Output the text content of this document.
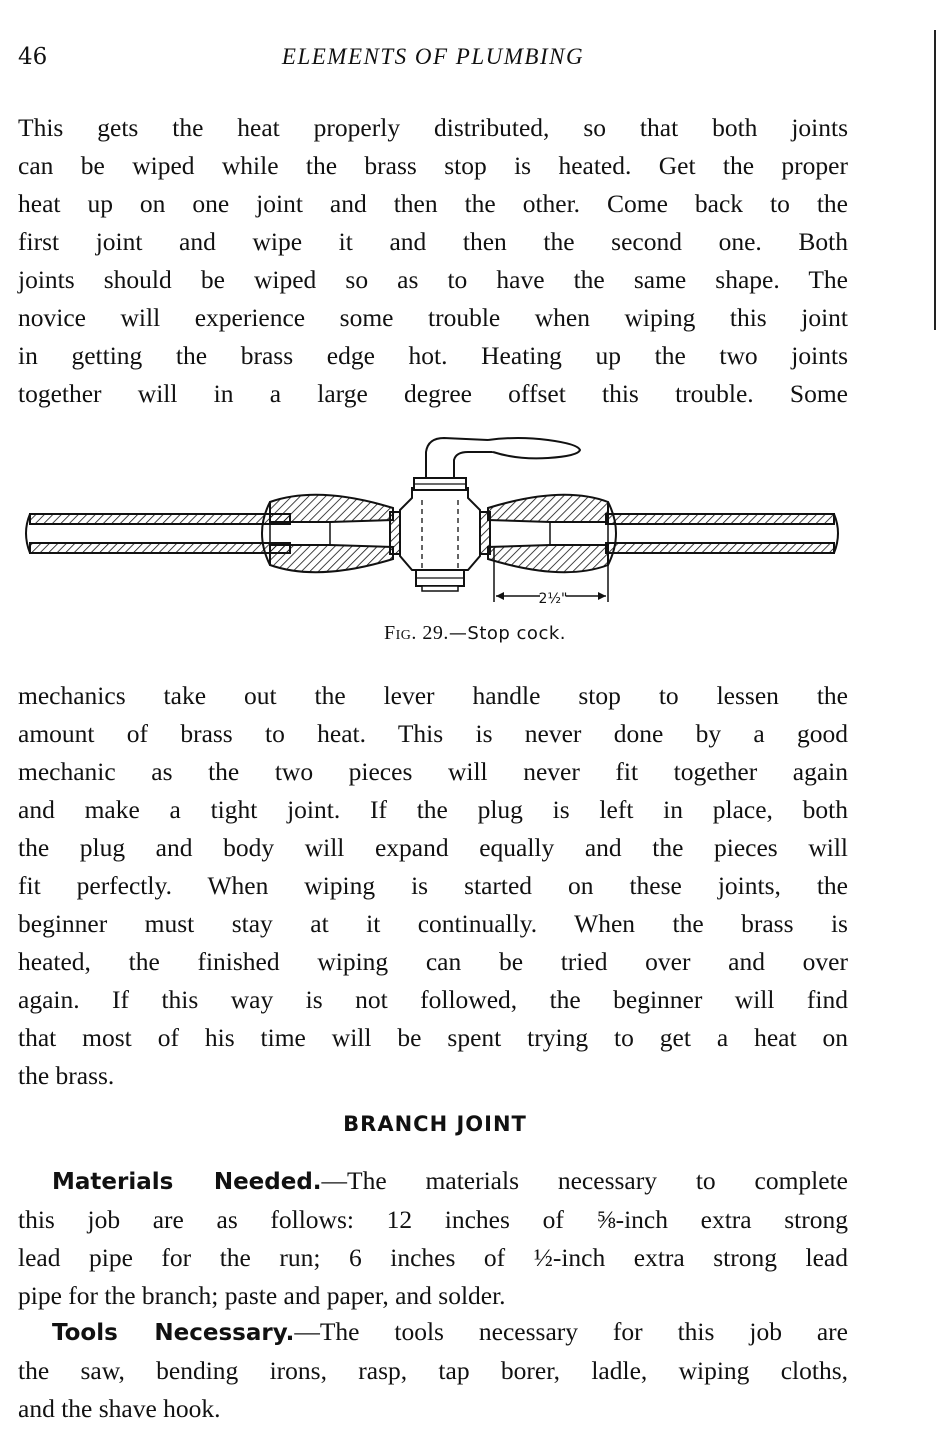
46	ELEMENTS OF PLUMBING

This gets the heat properly distributed, so that both joints
can be wiped while the brass stop is heated. Get the proper
heat up on one joint and then the other. Come back to the
first joint and wipe it and then the second one. Both
joints should be wiped so as to have the same shape. The
novice will experience some trouble when wiping this joint
in getting the brass edge hot. Heating up the two joints
together will in a large degree offset this trouble. Some

2½"
Fig. 29.—Stop cock.

mechanics take out the lever handle stop to lessen the
amount of brass to heat. This is never done by a good
mechanic as the two pieces will never fit together again
and make a tight joint. If the plug is left in place, both
the plug and body will expand equally and the pieces will
fit perfectly. When wiping is started on these joints, the
beginner must stay at it continually. When the brass is
heated, the finished wiping can be tried over and over
again. If this way is not followed, the beginner will find
that most of his time will be spent trying to get a heat on
the brass.

BRANCH JOINT

Materials Needed.—The materials necessary to complete
this job are as follows: 12 inches of ⅝-inch extra strong
lead pipe for the run; 6 inches of ½-inch extra strong lead
pipe for the branch; paste and paper, and solder.

Tools Necessary.—The tools necessary for this job are
the saw, bending irons, rasp, tap borer, ladle, wiping cloths,
and the shave hook.
